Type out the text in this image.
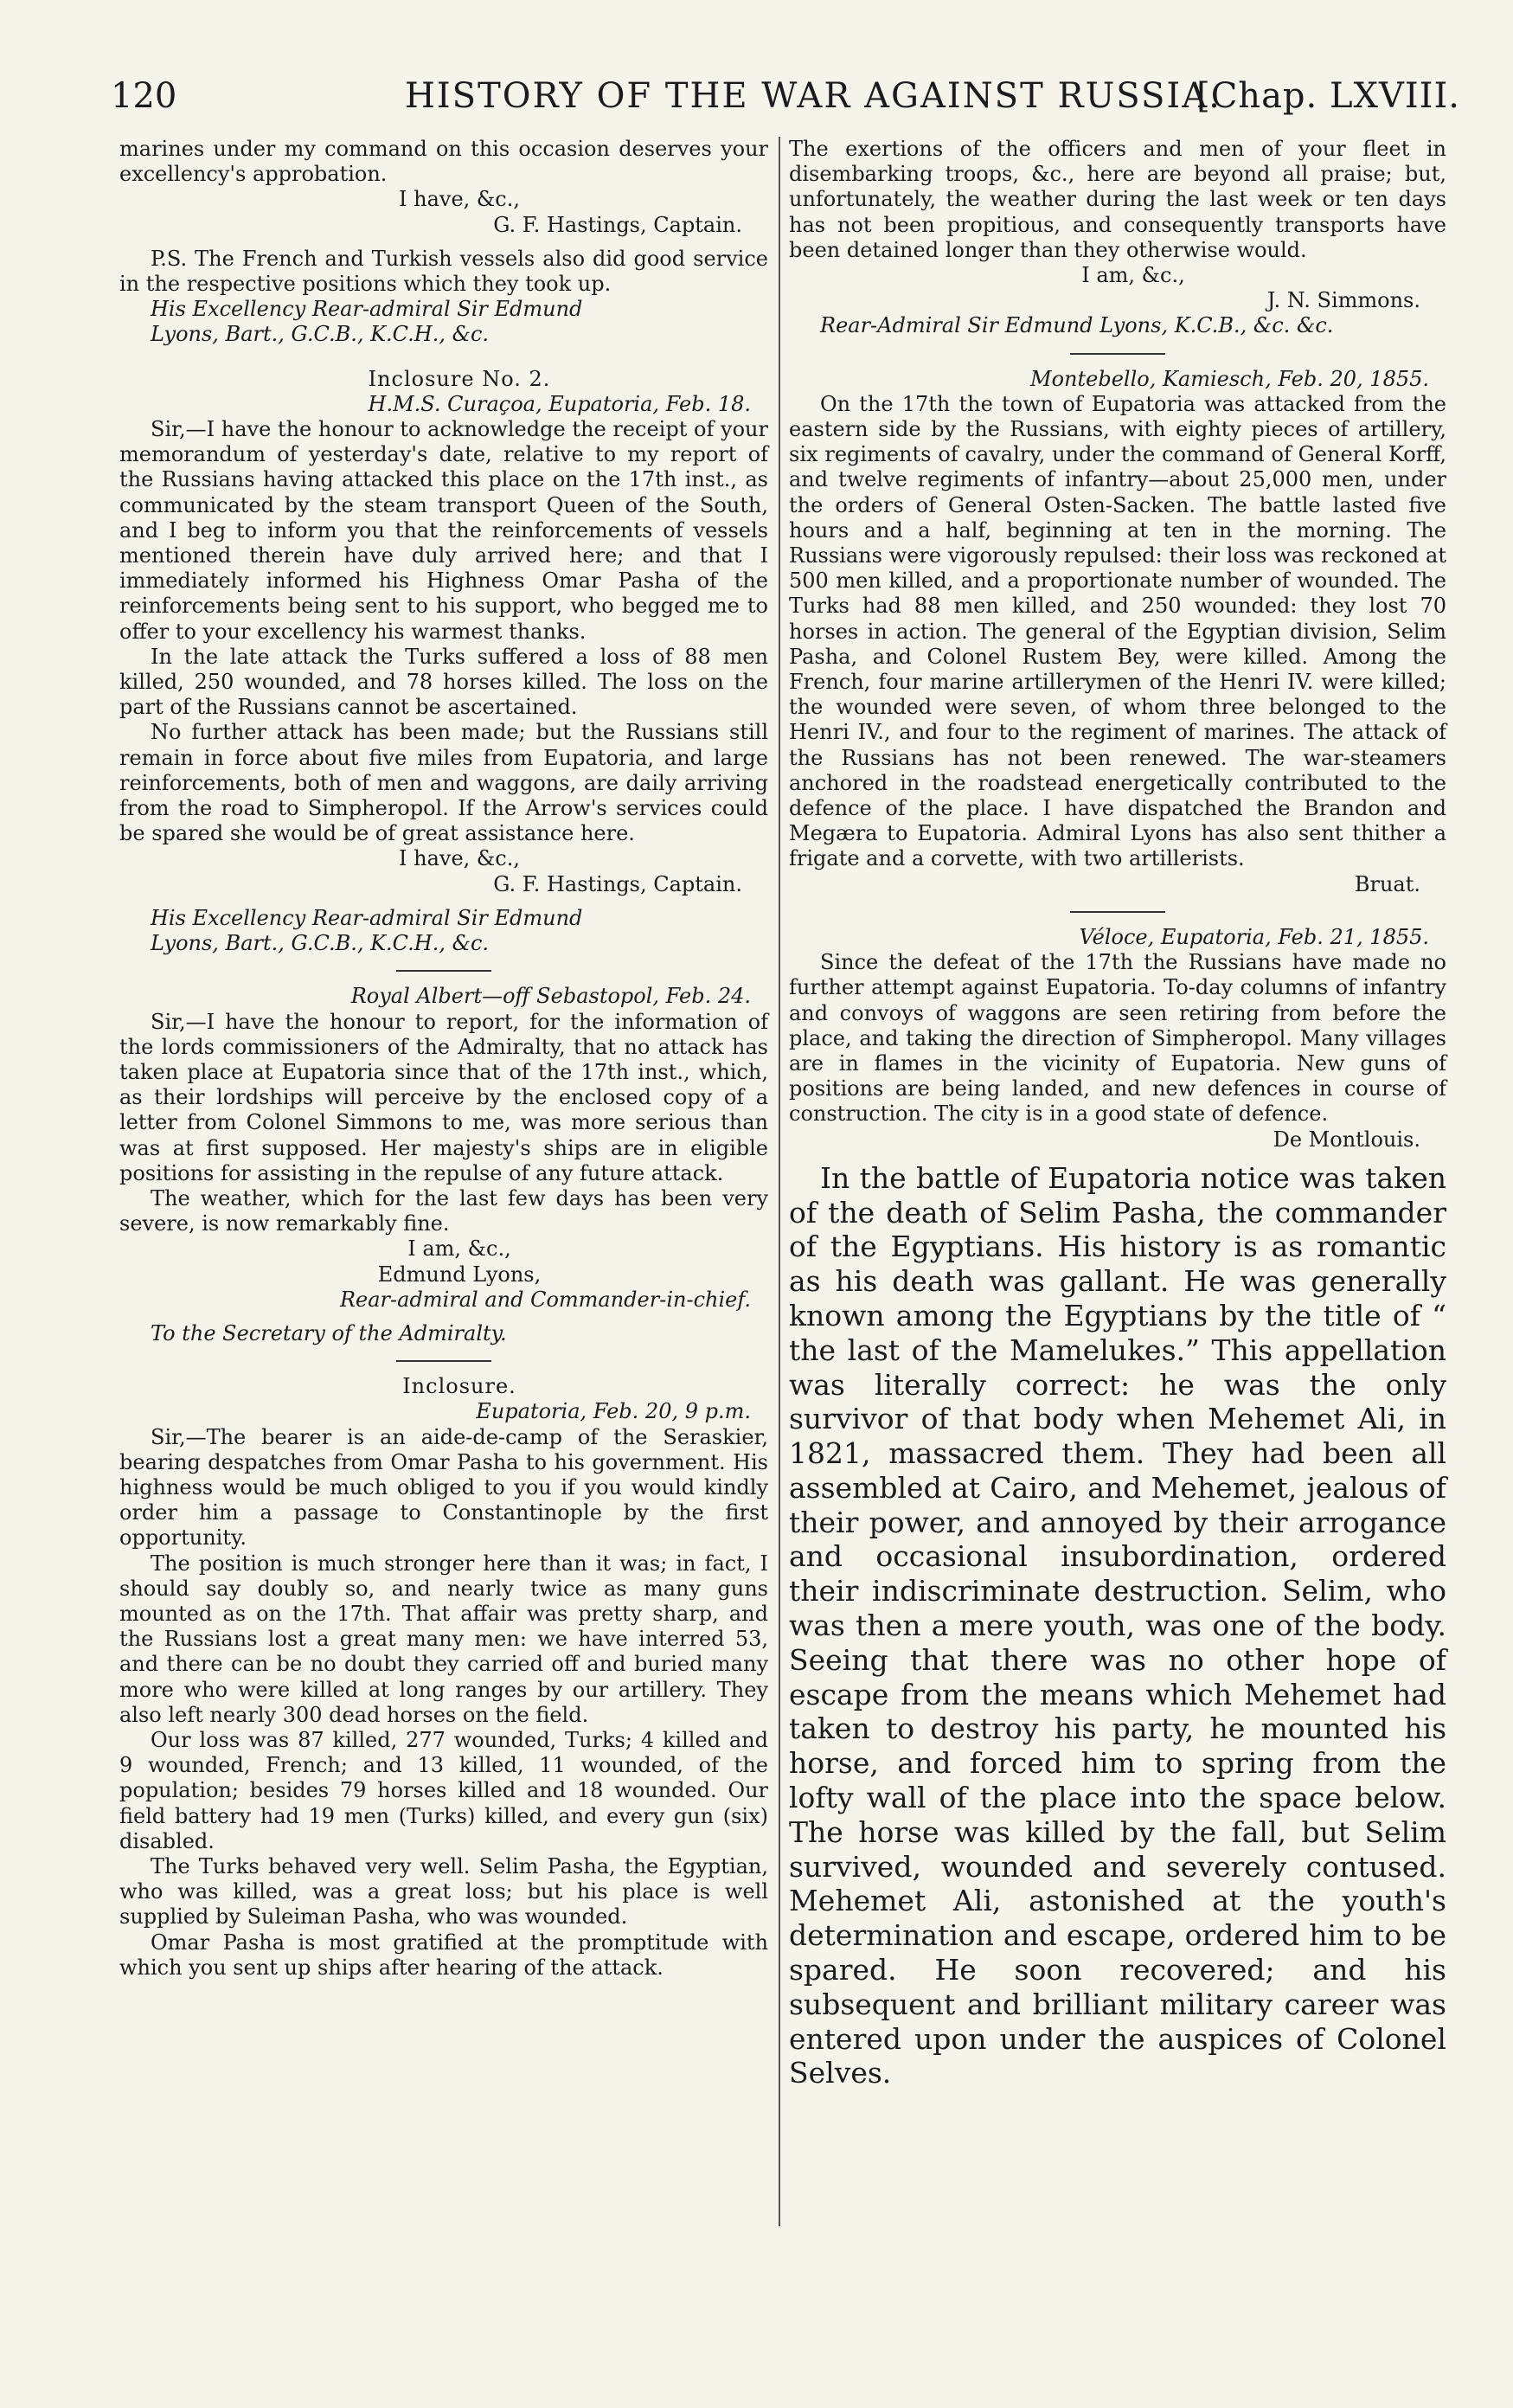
120	HISTORY OF THE WAR AGAINST RUSSIA.
[Chap. LXVIII.

marines under my command on this occasion deserves your excellency's approbation.

I have, &c.,

G. F. Hastings, Captain.

P.S. The French and Turkish vessels also did good service in the respective positions which they took up.

His Excellency Rear-admiral Sir Edmund

Lyons, Bart., G.C.B., K.C.H., &c.

Inclosure No. 2.

H.M.S. Curaçoa, Eupatoria, Feb. 18.

Sir,—I have the honour to acknowledge the receipt of your memorandum of yesterday's date, relative to my report of the Russians having attacked this place on the 17th inst., as communicated by the steam transport Queen of the South, and I beg to inform you that the reinforcements of vessels mentioned therein have duly arrived here; and that I immediately informed his Highness Omar Pasha of the reinforcements being sent to his support, who begged me to offer to your excellency his warmest thanks.

In the late attack the Turks suffered a loss of 88 men killed, 250 wounded, and 78 horses killed. The loss on the part of the Russians cannot be ascertained.

No further attack has been made; but the Russians still remain in force about five miles from Eupatoria, and large reinforcements, both of men and waggons, are daily arriving from the road to Simpheropol. If the Arrow's services could be spared she would be of great assistance here.

I have, &c.,

G. F. Hastings, Captain.

His Excellency Rear-admiral Sir Edmund

Lyons, Bart., G.C.B., K.C.H., &c.

Royal Albert—off Sebastopol, Feb. 24.

Sir,—I have the honour to report, for the information of the lords commissioners of the Admiralty, that no attack has taken place at Eupatoria since that of the 17th inst., which, as their lordships will perceive by the enclosed copy of a letter from Colonel Simmons to me, was more serious than was at first supposed. Her majesty's ships are in eligible positions for assisting in the repulse of any future attack.

The weather, which for the last few days has been very severe, is now remarkably fine.

I am, &c.,

Edmund Lyons,

Rear-admiral and Commander-in-chief.

To the Secretary of the Admiralty.

Inclosure.

Eupatoria, Feb. 20, 9 p.m.

Sir,—The bearer is an aide-de-camp of the Seraskier, bearing despatches from Omar Pasha to his government. His highness would be much obliged to you if you would kindly order him a passage to Constantinople by the first opportunity.

The position is much stronger here than it was; in fact, I should say doubly so, and nearly twice as many guns mounted as on the 17th. That affair was pretty sharp, and the Russians lost a great many men: we have interred 53, and there can be no doubt they carried off and buried many more who were killed at long ranges by our artillery. They also left nearly 300 dead horses on the field.

Our loss was 87 killed, 277 wounded, Turks; 4 killed and 9 wounded, French; and 13 killed, 11 wounded, of the population; besides 79 horses killed and 18 wounded. Our field battery had 19 men (Turks) killed, and every gun (six) disabled.

The Turks behaved very well. Selim Pasha, the Egyptian, who was killed, was a great loss; but his place is well supplied by Suleiman Pasha, who was wounded.

Omar Pasha is most gratified at the promptitude with which you sent up ships after hearing of the attack.

The exertions of the officers and men of your fleet in disembarking troops, &c., here are beyond all praise; but, unfortunately, the weather during the last week or ten days has not been propitious, and consequently transports have been detained longer than they otherwise would.

I am, &c.,

J. N. Simmons.

Rear-Admiral Sir Edmund Lyons, K.C.B., &c. &c.

Montebello, Kamiesch, Feb. 20, 1855.

On the 17th the town of Eupatoria was attacked from the eastern side by the Russians, with eighty pieces of artillery, six regiments of cavalry, under the command of General Korff, and twelve regiments of infantry—about 25,000 men, under the orders of General Osten-Sacken. The battle lasted five hours and a half, beginning at ten in the morning. The Russians were vigorously repulsed: their loss was reckoned at 500 men killed, and a proportionate number of wounded. The Turks had 88 men killed, and 250 wounded: they lost 70 horses in action. The general of the Egyptian division, Selim Pasha, and Colonel Rustem Bey, were killed. Among the French, four marine artillerymen of the Henri IV. were killed; the wounded were seven, of whom three belonged to the Henri IV., and four to the regiment of marines. The attack of the Russians has not been renewed. The war-steamers anchored in the roadstead energetically contributed to the defence of the place. I have dispatched the Brandon and Megæra to Eupatoria. Admiral Lyons has also sent thither a frigate and a corvette, with two artillerists.

Bruat.

Véloce, Eupatoria, Feb. 21, 1855.

Since the defeat of the 17th the Russians have made no further attempt against Eupatoria. To-day columns of infantry and convoys of waggons are seen retiring from before the place, and taking the direction of Simpheropol. Many villages are in flames in the vicinity of Eupatoria. New guns of positions are being landed, and new defences in course of construction. The city is in a good state of defence.

De Montlouis.

In the battle of Eupatoria notice was taken of the death of Selim Pasha, the commander of the Egyptians. His history is as romantic as his death was gallant. He was generally known among the Egyptians by the title of “ the last of the Mamelukes.” This appellation was literally correct: he was the only survivor of that body when Mehemet Ali, in 1821, massacred them. They had been all assembled at Cairo, and Mehemet, jealous of their power, and annoyed by their arrogance and occasional insubordination, ordered their indiscriminate destruction. Selim, who was then a mere youth, was one of the body. Seeing that there was no other hope of escape from the means which Mehemet had taken to destroy his party, he mounted his horse, and forced him to spring from the lofty wall of the place into the space below. The horse was killed by the fall, but Selim survived, wounded and severely contused. Mehemet Ali, astonished at the youth's determination and escape, ordered him to be spared. He soon recovered; and his subsequent and brilliant military career was entered upon under the auspices of Colonel Selves.
